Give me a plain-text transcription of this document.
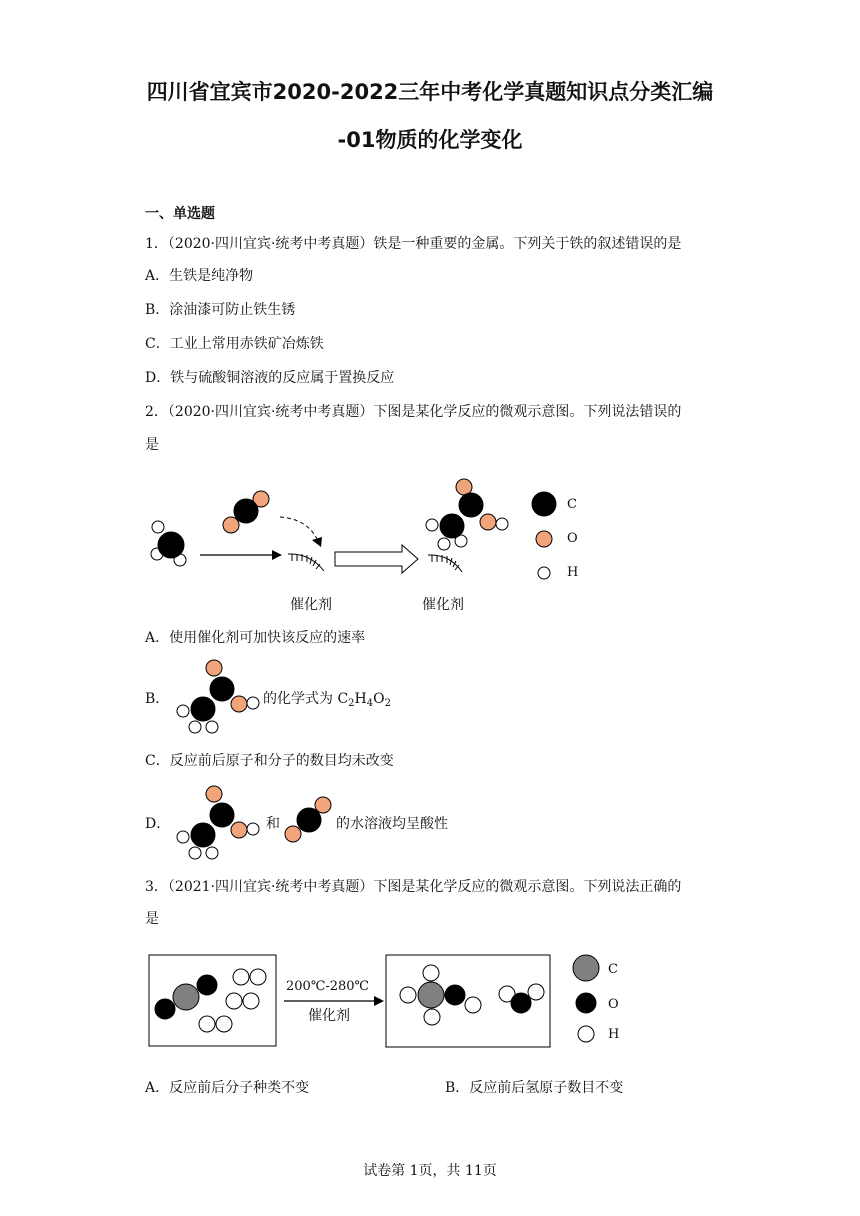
四川省宜宾市2020-2022三年中考化学真题知识点分类汇编
-01物质的化学变化
一、单选题
1．（2020·四川宜宾·统考中考真题）铁是一种重要的金属。下列关于铁的叙述错误的是
A．生铁是纯净物
B．涂油漆可防止铁生锈
C．工业上常用赤铁矿冶炼铁
D．铁与硫酸铜溶液的反应属于置换反应
2．（2020·四川宜宾·统考中考真题）下图是某化学反应的微观示意图。下列说法错误的
是
C
O
H
催化剂	催化剂
A．使用催化剂可加快该反应的速率
B．	的化学式为 $C_2H_4O_2$
C．反应前后原子和分子的数目均未改变
D．	和	的水溶液均呈酸性
3．（2021·四川宜宾·统考中考真题）下图是某化学反应的微观示意图。下列说法正确的
是
200℃-280℃
催化剂
C
O
H
A．反应前后分子种类不变	B．反应前后氢原子数目不变
试卷第 1页，共 11页
